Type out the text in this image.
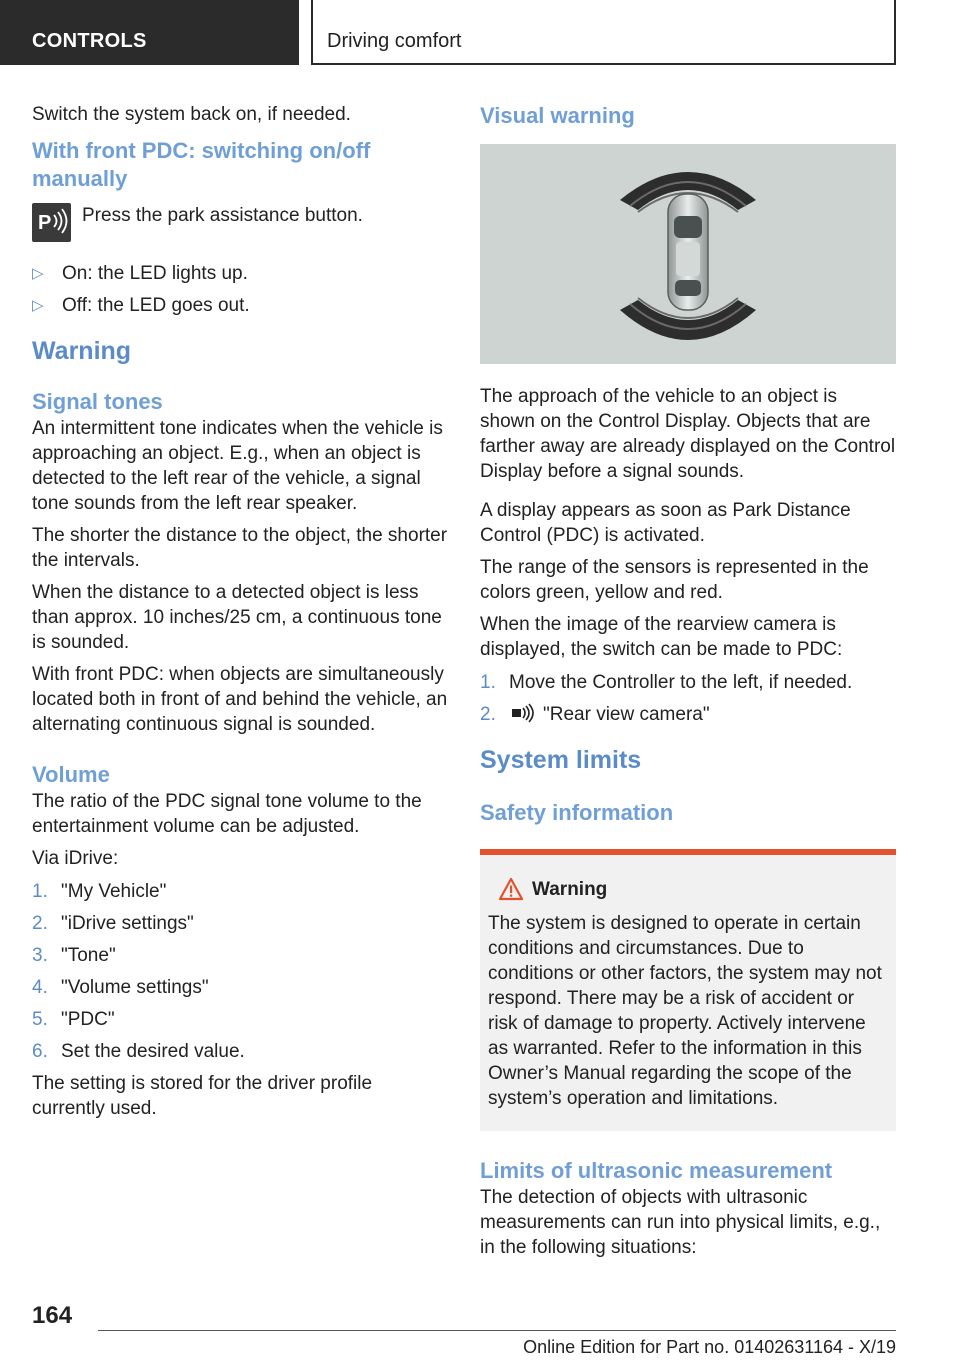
CONTROLS	Driving comfort

Switch the system back on, if needed.

With front PDC: switching on/off manually
P Press the park assistance button.
▷ On: the LED lights up.
▷ Off: the LED goes out.
Warning
Signal tones

An intermittent tone indicates when the vehicle is approaching an object. E.g., when an object is detected to the left rear of the vehicle, a signal tone sounds from the left rear speaker.

The shorter the distance to the object, the shorter the intervals.

When the distance to a detected object is less than approx. 10 inches/25 cm, a continuous tone is sounded.

With front PDC: when objects are simultaneously located both in front of and behind the vehicle, an alternating continuous signal is sounded.

Volume

The ratio of the PDC signal tone volume to the entertainment volume can be adjusted.

Via iDrive:

1. "My Vehicle"
2. "iDrive settings"
3. "Tone"
4. "Volume settings"
5. "PDC"
6. Set the desired value.

The setting is stored for the driver profile currently used.

Visual warning

The approach of the vehicle to an object is shown on the Control Display. Objects that are farther away are already displayed on the Control Display before a signal sounds.

A display appears as soon as Park Distance Control (PDC) is activated.

The range of the sensors is represented in the colors green, yellow and red.

When the image of the rearview camera is displayed, the switch can be made to PDC:

1. Move the Controller to the left, if needed.
2. "Rear view camera"
System limits
Safety information
Warning

The system is designed to operate in certain conditions and circumstances. Due to conditions or other factors, the system may not respond. There may be a risk of accident or risk of damage to property. Actively intervene as warranted. Refer to the information in this Owner’s Manual regarding the scope of the system’s operation and limitations.

Limits of ultrasonic measurement

The detection of objects with ultrasonic measurements can run into physical limits, e.g., in the following situations:

164
Online Edition for Part no. 01402631164 - X/19
